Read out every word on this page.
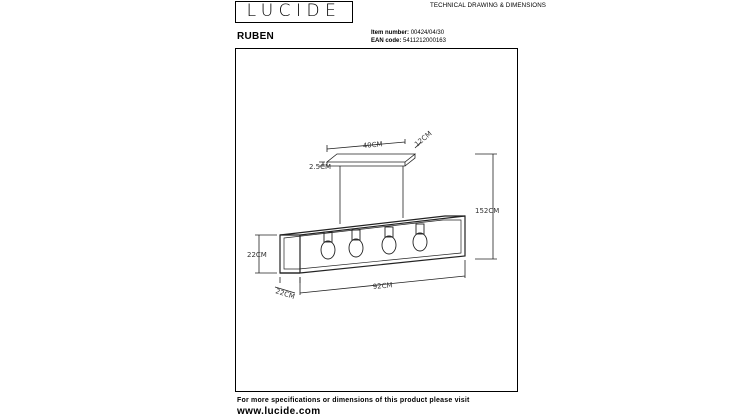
LUCIDE	TECHNICAL DRAWING & DIMENSIONS
RUBEN	Item number: 00424/04/30
EAN code: 5411212000163
40CM	12CM
2.5CM
152CM
22CM
22CM
92CM
For more specifications or dimensions of this product please visit
www.lucide.com
